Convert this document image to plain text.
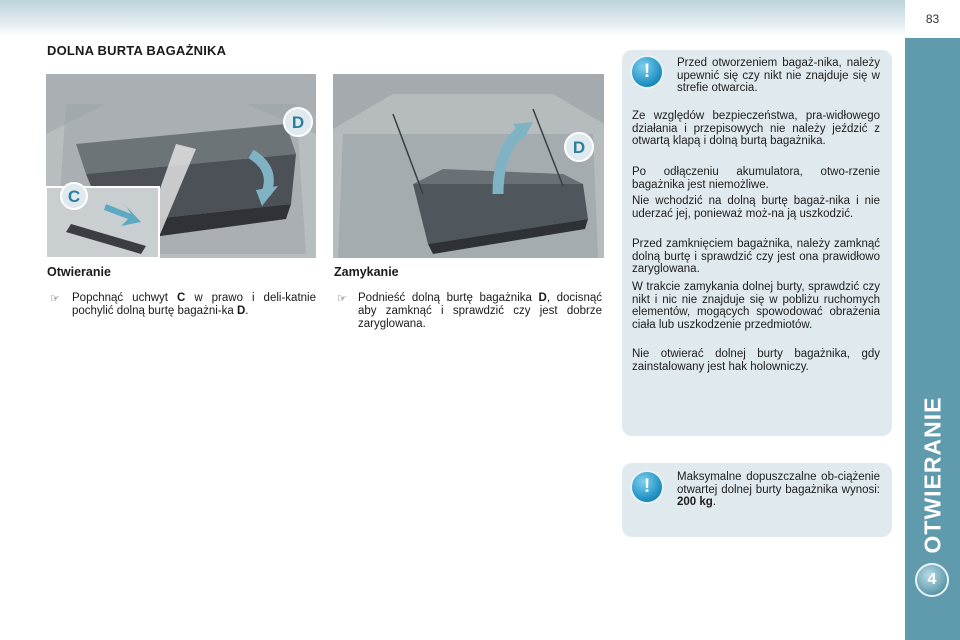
83
OTWIERANIE
4
DOLNA BURTA BAGAŻNIKA
D
C
D
Otwieranie
☞ Popchnąć uchwyt C w prawo i deli-katnie pochylić dolną burtę bagażni-ka D.
Zamykanie
☞ Podnieść dolną burtę bagażnika D, docisnąć aby zamknąć i sprawdzić czy jest dobrze zaryglowana.
!	Przed otworzeniem bagaż-nika, należy upewnić się czy nikt nie znajduje się w strefie otwarcia.
Ze względów bezpieczeństwa, pra-widłowego działania i przepisowych nie należy jeździć z otwartą klapą i dolną burtą bagażnika.
Po odłączeniu akumulatora, otwo-rzenie bagażnika jest niemożliwe.
Nie wchodzić na dolną burtę bagaż-nika i nie uderzać jej, ponieważ moż-na ją uszkodzić.
Przed zamknięciem bagażnika, należy zamknąć dolną burtę i sprawdzić czy jest ona prawidłowo zaryglowana.
W trakcie zamykania dolnej burty, sprawdzić czy nikt i nic nie znajduje się w pobliżu ruchomych elementów, mogących spowodować obrażenia ciała lub uszkodzenie przedmiotów.
Nie otwierać dolnej burty bagażnika, gdy zainstalowany jest hak holowniczy.
!	Maksymalne dopuszczalne ob-ciążenie otwartej dolnej burty bagażnika wynosi: 200 kg.
